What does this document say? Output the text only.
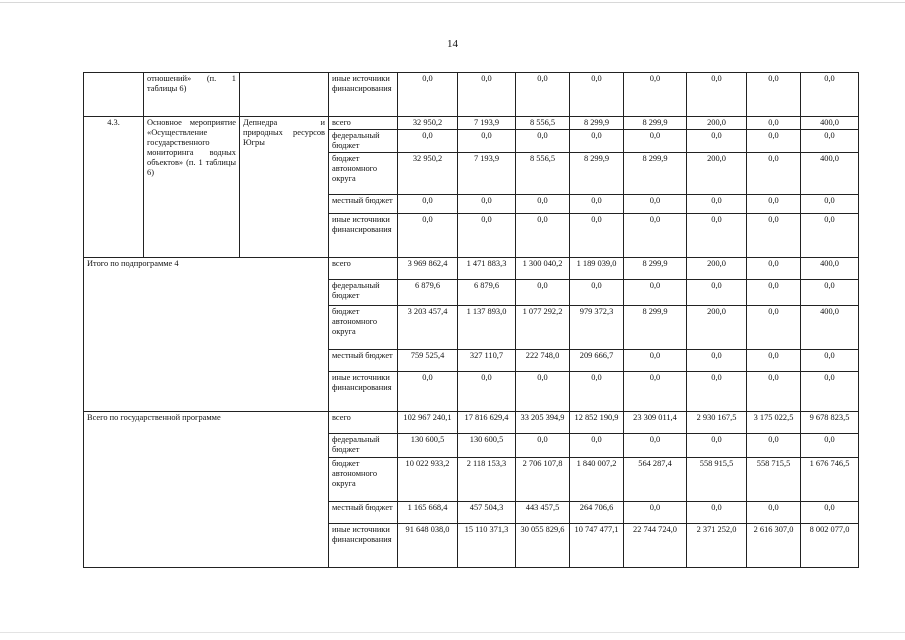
14
	отношений» (п. 1 таблицы 6)		иные источники финансирования	0,0	0,0	0,0	0,0	0,0	0,0	0,0	0,0
4.3.	Основное мероприятие «Осуществление государственного мониторинга водных объектов» (п. 1 таблицы 6)	Депнедра и природных ресурсов Югры	всего	32 950,2	7 193,9	8 556,5	8 299,9	8 299,9	200,0	0,0	400,0
			федеральный бюджет	0,0	0,0	0,0	0,0	0,0	0,0	0,0	0,0
			бюджет автономного округа	32 950,2	7 193,9	8 556,5	8 299,9	8 299,9	200,0	0,0	400,0
			местный бюджет	0,0	0,0	0,0	0,0	0,0	0,0	0,0	0,0
			иные источники финансирования	0,0	0,0	0,0	0,0	0,0	0,0	0,0	0,0
Итого по подпрограмме 4			всего	3 969 862,4	1 471 883,3	1 300 040,2	1 189 039,0	8 299,9	200,0	0,0	400,0
			федеральный бюджет	6 879,6	6 879,6	0,0	0,0	0,0	0,0	0,0	0,0
			бюджет автономного округа	3 203 457,4	1 137 893,0	1 077 292,2	979 372,3	8 299,9	200,0	0,0	400,0
			местный бюджет	759 525,4	327 110,7	222 748,0	209 666,7	0,0	0,0	0,0	0,0
			иные источники финансирования	0,0	0,0	0,0	0,0	0,0	0,0	0,0	0,0
Всего по государственной программе			всего	102 967 240,1	17 816 629,4	33 205 394,9	12 852 190,9	23 309 011,4	2 930 167,5	3 175 022,5	9 678 823,5
			федеральный бюджет	130 600,5	130 600,5	0,0	0,0	0,0	0,0	0,0	0,0
			бюджет автономного округа	10 022 933,2	2 118 153,3	2 706 107,8	1 840 007,2	564 287,4	558 915,5	558 715,5	1 676 746,5
			местный бюджет	1 165 668,4	457 504,3	443 457,5	264 706,6	0,0	0,0	0,0	0,0
			иные источники финансирования	91 648 038,0	15 110 371,3	30 055 829,6	10 747 477,1	22 744 724,0	2 371 252,0	2 616 307,0	8 002 077,0
